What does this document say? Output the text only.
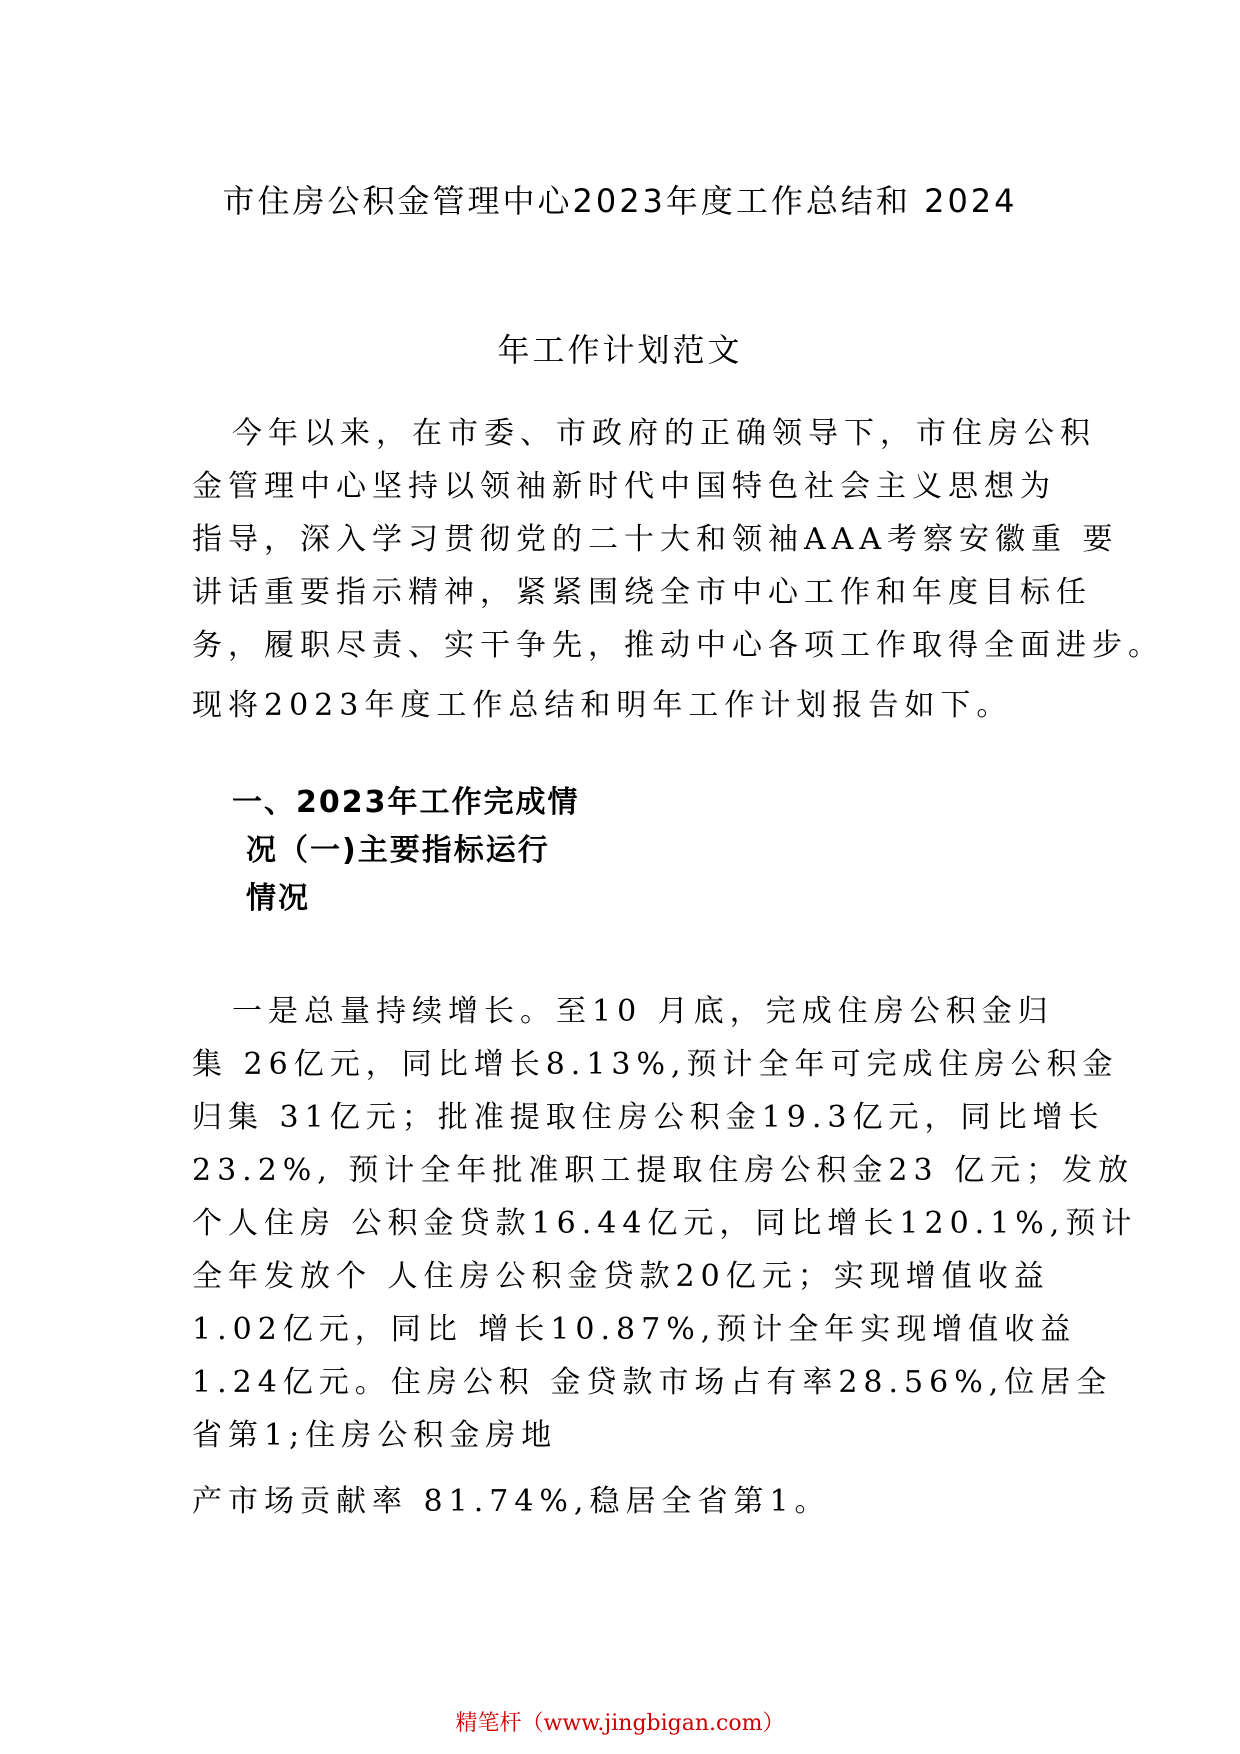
市住房公积金管理中心2023年度工作总结和 2024
年工作计划范文
今年以来，在市委、市政府的正确领导下，市住房公积
金管理中心坚持以领袖新时代中国特色社会主义思想为
指导，深入学习贯彻党的二十大和领袖AAA考察安徽重 要
讲话重要指示精神，紧紧围绕全市中心工作和年度目标任
务，履职尽责、实干争先，推动中心各项工作取得全面进步。
现将2023年度工作总结和明年工作计划报告如下。
一、2023年工作完成情
况（一)主要指标运行
情况
一是总量持续增长。至10 月底，完成住房公积金归
集 26亿元，同比增长8.13%,预计全年可完成住房公积金
归集 31亿元；批准提取住房公积金19.3亿元，同比增长
23.2%, 预计全年批准职工提取住房公积金23 亿元；发放
个人住房 公积金贷款16.44亿元，同比增长120.1%,预计
全年发放个 人住房公积金贷款20亿元；实现增值收益
1.02亿元，同比 增长10.87%,预计全年实现增值收益
1.24亿元。住房公积 金贷款市场占有率28.56%,位居全
省第1;住房公积金房地
产市场贡献率 81.74%,稳居全省第1。
精笔杆（www.jingbigan.com）
